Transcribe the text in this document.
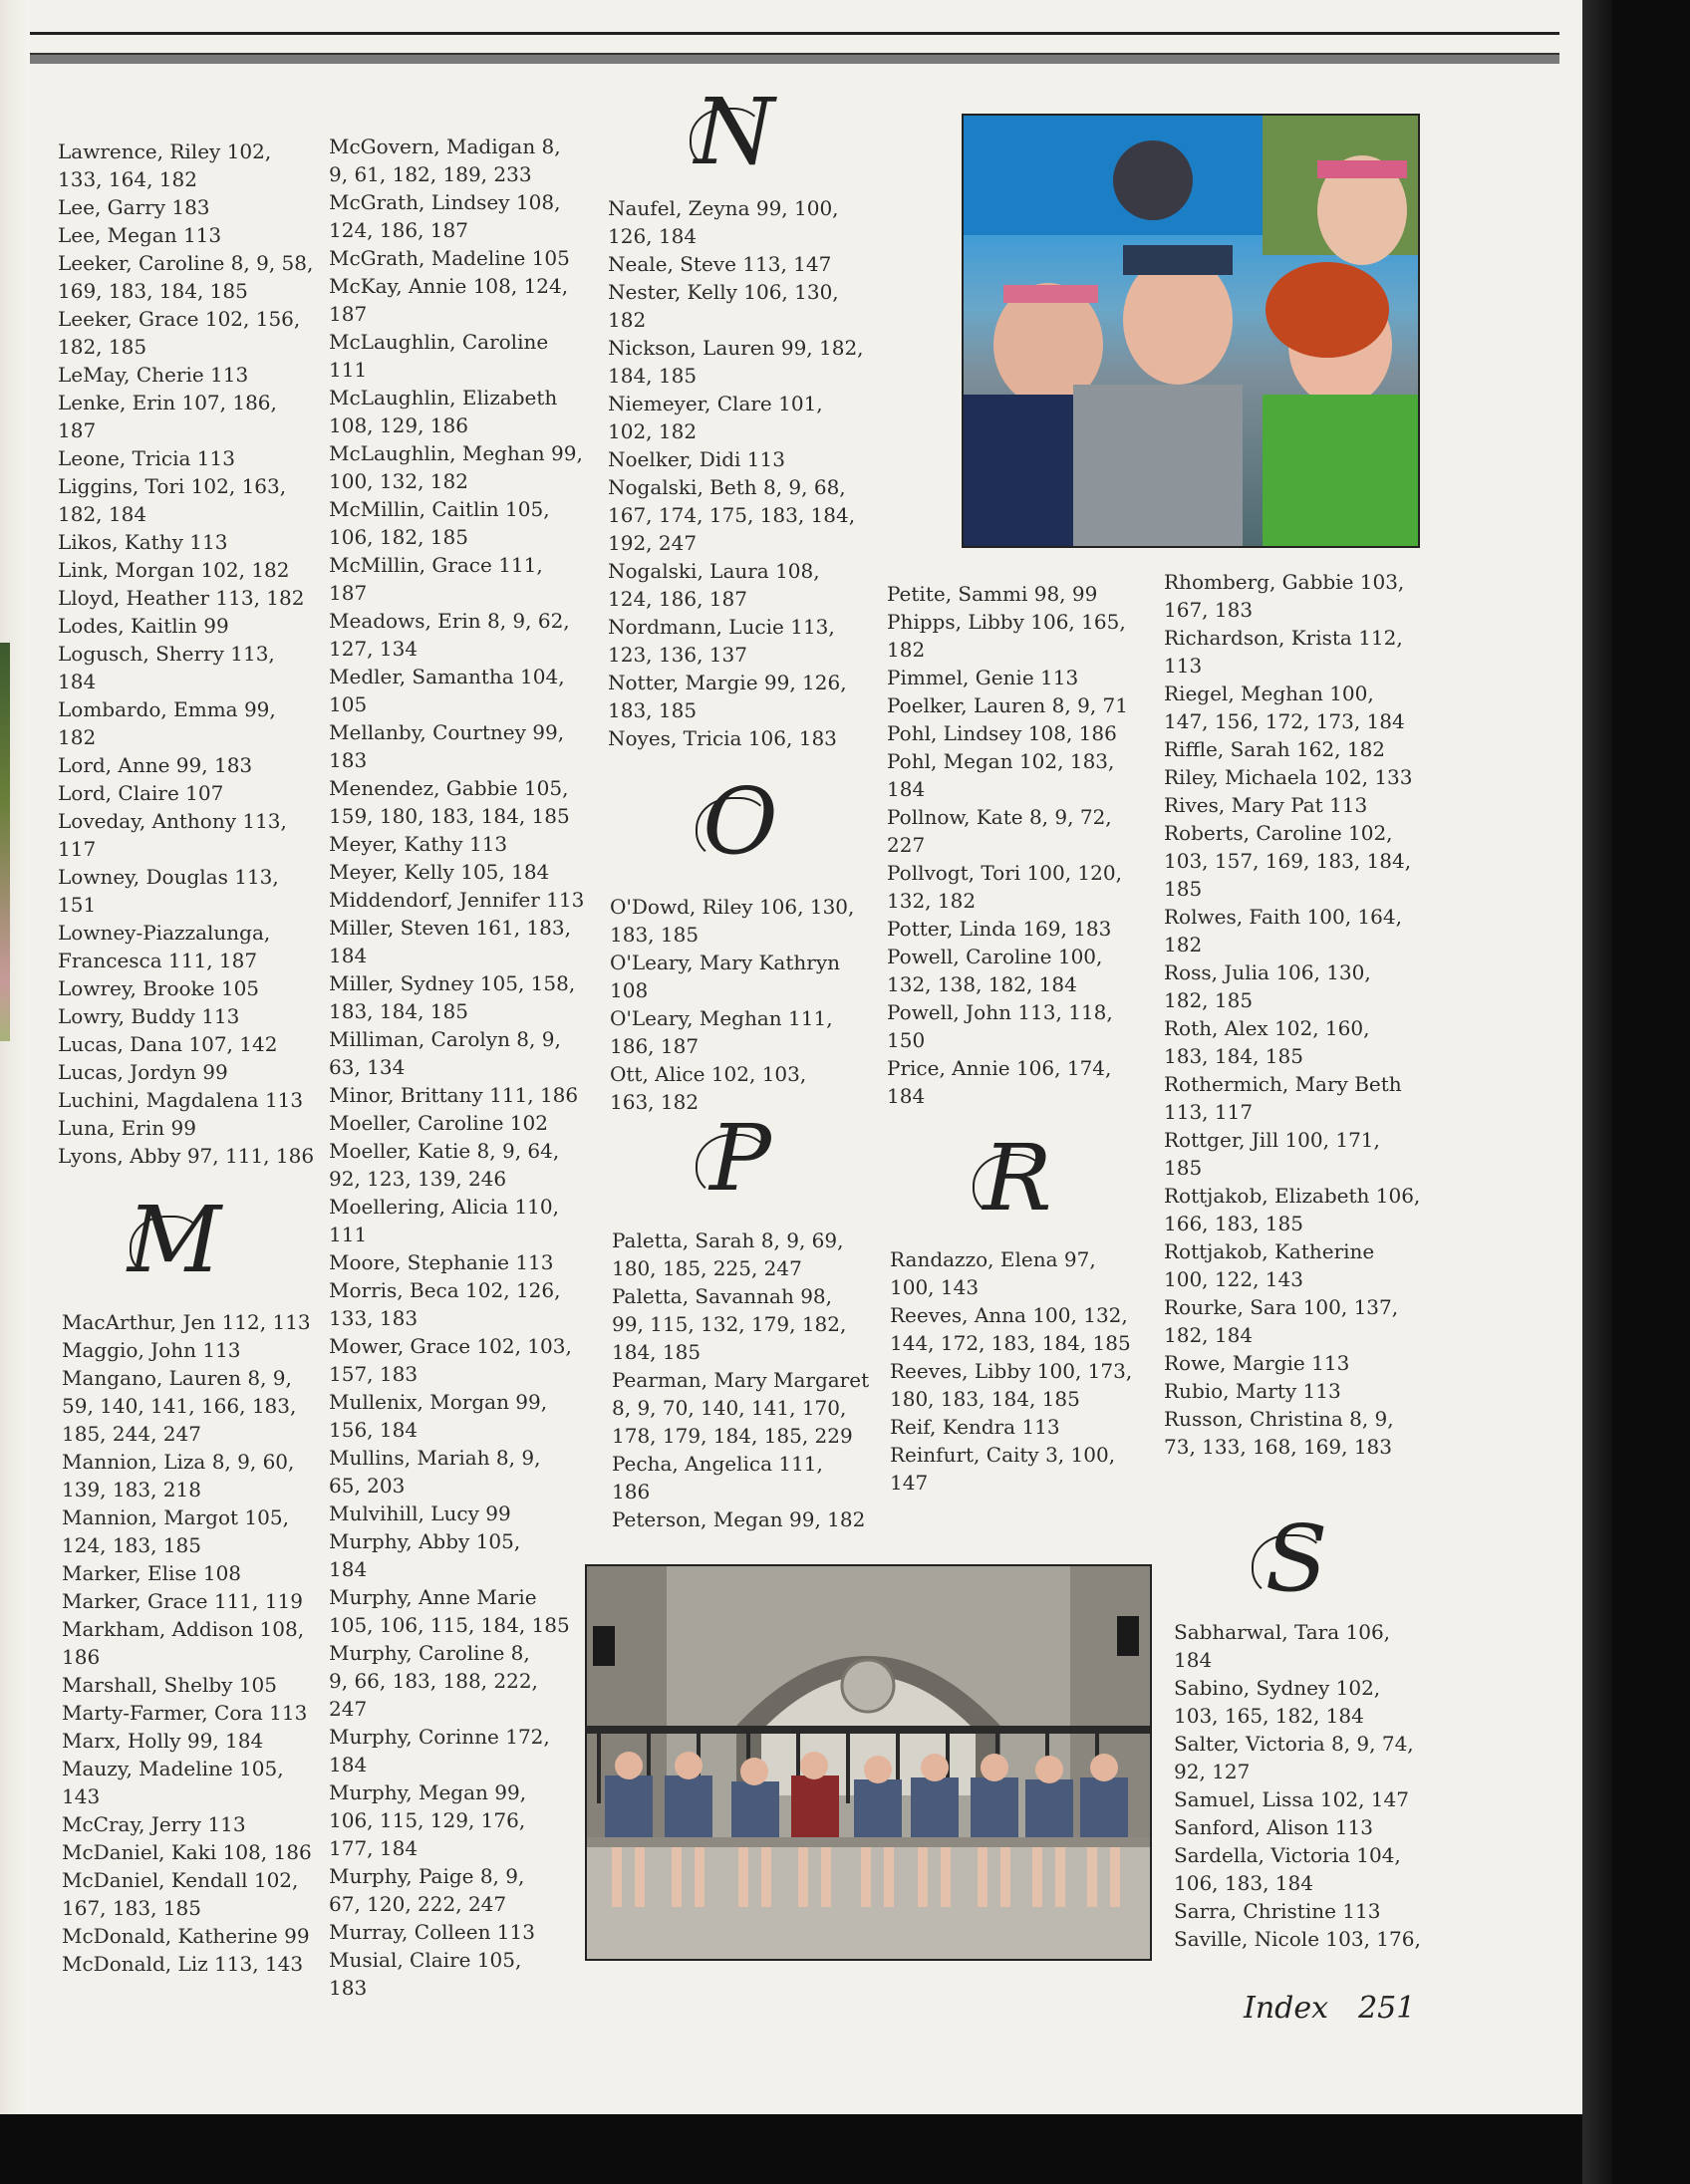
Lawrence, Riley 102,
133, 164, 182
Lee, Garry 183
Lee, Megan 113
Leeker, Caroline 8, 9, 58,
169, 183, 184, 185
Leeker, Grace 102, 156,
182, 185
LeMay, Cherie 113
Lenke, Erin 107, 186,
187
Leone, Tricia 113
Liggins, Tori 102, 163,
182, 184
Likos, Kathy 113
Link, Morgan 102, 182
Lloyd, Heather 113, 182
Lodes, Kaitlin 99
Logusch, Sherry 113, 184
Lombardo, Emma 99,
182
Lord, Anne 99, 183
Lord, Claire 107
Loveday, Anthony 113,
117
Lowney, Douglas 113,
151
Lowney-Piazzalunga,
Francesca 111, 187
Lowrey, Brooke 105
Lowry, Buddy 113
Lucas, Dana 107, 142
Lucas, Jordyn 99
Luchini, Magdalena 113
Luna, Erin 99
Lyons, Abby 97, 111, 186
M
MacArthur, Jen 112, 113
Maggio, John 113
Mangano, Lauren 8, 9,
59, 140, 141, 166, 183,
185, 244, 247
Mannion, Liza 8, 9, 60,
139, 183, 218
Mannion, Margot 105,
124, 183, 185
Marker, Elise 108
Marker, Grace 111, 119
Markham, Addison 108,
186
Marshall, Shelby 105
Marty-Farmer, Cora 113
Marx, Holly 99, 184
Mauzy, Madeline 105,
143
McCray, Jerry 113
McDaniel, Kaki 108, 186
McDaniel, Kendall 102,
167, 183, 185
McDonald, Katherine 99
McDonald, Liz 113, 143
McGovern, Madigan 8,
9, 61, 182, 189, 233
McGrath, Lindsey 108,
124, 186, 187
McGrath, Madeline 105
McKay, Annie 108, 124,
187
McLaughlin, Caroline
111
McLaughlin, Elizabeth
108, 129, 186
McLaughlin, Meghan 99,
100, 132, 182
McMillin, Caitlin 105,
106, 182, 185
McMillin, Grace 111,
187
Meadows, Erin 8, 9, 62,
127, 134
Medler, Samantha 104,
105
Mellanby, Courtney 99,
183
Menendez, Gabbie 105,
159, 180, 183, 184, 185
Meyer, Kathy 113
Meyer, Kelly 105, 184
Middendorf, Jennifer 113
Miller, Steven 161, 183,
184
Miller, Sydney 105, 158,
183, 184, 185
Milliman, Carolyn 8, 9,
63, 134
Minor, Brittany 111, 186
Moeller, Caroline 102
Moeller, Katie 8, 9, 64,
92, 123, 139, 246
Moellering, Alicia 110,
111
Moore, Stephanie 113
Morris, Beca 102, 126,
133, 183
Mower, Grace 102, 103,
157, 183
Mullenix, Morgan 99,
156, 184
Mullins, Mariah 8, 9,
65, 203
Mulvihill, Lucy 99
Murphy, Abby 105,
184
Murphy, Anne Marie
105, 106, 115, 184, 185
Murphy, Caroline 8,
9, 66, 183, 188, 222,
247
Murphy, Corinne 172,
184
Murphy, Megan 99,
106, 115, 129, 176,
177, 184
Murphy, Paige 8, 9,
67, 120, 222, 247
Murray, Colleen 113
Musial, Claire 105,
183
N
Naufel, Zeyna 99, 100,
126, 184
Neale, Steve 113, 147
Nester, Kelly 106, 130,
182
Nickson, Lauren 99, 182,
184, 185
Niemeyer, Clare 101,
102, 182
Noelker, Didi 113
Nogalski, Beth 8, 9, 68,
167, 174, 175, 183, 184,
192, 247
Nogalski, Laura 108,
124, 186, 187
Nordmann, Lucie 113,
123, 136, 137
Notter, Margie 99, 126,
183, 185
Noyes, Tricia 106, 183
O
O'Dowd, Riley 106, 130,
183, 185
O'Leary, Mary Kathryn
108
O'Leary, Meghan 111,
186, 187
Ott, Alice 102, 103,
163, 182
P
Paletta, Sarah 8, 9, 69,
180, 185, 225, 247
Paletta, Savannah 98,
99, 115, 132, 179, 182,
184, 185
Pearman, Mary Margaret
8, 9, 70, 140, 141, 170,
178, 179, 184, 185, 229
Pecha, Angelica 111,
186
Peterson, Megan 99, 182
Petite, Sammi 98, 99
Phipps, Libby 106, 165,
182
Pimmel, Genie 113
Poelker, Lauren 8, 9, 71
Pohl, Lindsey 108, 186
Pohl, Megan 102, 183,
184
Pollnow, Kate 8, 9, 72,
227
Pollvogt, Tori 100, 120,
132, 182
Potter, Linda 169, 183
Powell, Caroline 100,
132, 138, 182, 184
Powell, John 113, 118,
150
Price, Annie 106, 174,
184
R
Randazzo, Elena 97,
100, 143
Reeves, Anna 100, 132,
144, 172, 183, 184, 185
Reeves, Libby 100, 173,
180, 183, 184, 185
Reif, Kendra 113
Reinfurt, Caity 3, 100,
147
Rhomberg, Gabbie 103,
167, 183
Richardson, Krista 112,
113
Riegel, Meghan 100,
147, 156, 172, 173, 184
Riffle, Sarah 162, 182
Riley, Michaela 102, 133
Rives, Mary Pat 113
Roberts, Caroline 102,
103, 157, 169, 183, 184,
185
Rolwes, Faith 100, 164,
182
Ross, Julia 106, 130,
182, 185
Roth, Alex 102, 160,
183, 184, 185
Rothermich, Mary Beth
113, 117
Rottger, Jill 100, 171,
185
Rottjakob, Elizabeth 106,
166, 183, 185
Rottjakob, Katherine
100, 122, 143
Rourke, Sara 100, 137,
182, 184
Rowe, Margie 113
Rubio, Marty 113
Russon, Christina 8, 9,
73, 133, 168, 169, 183
S
Sabharwal, Tara 106,
184
Sabino, Sydney 102,
103, 165, 182, 184
Salter, Victoria 8, 9, 74,
92, 127
Samuel, Lissa 102, 147
Sanford, Alison 113
Sardella, Victoria 104,
106, 183, 184
Sarra, Christine 113
Saville, Nicole 103, 176,
Index 251
